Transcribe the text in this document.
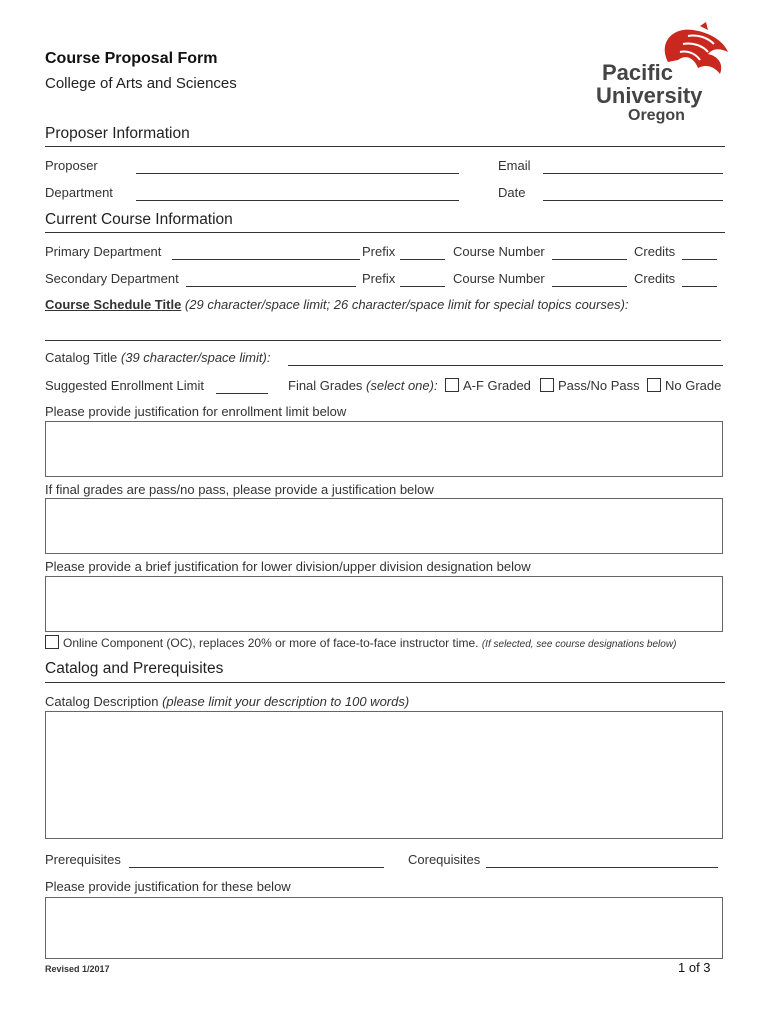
Course Proposal Form
College of Arts and Sciences	Pacific
University
Oregon
Proposer Information
Proposer	Email
Department	Date
Current Course Information
Primary Department	Prefix	Course Number	Credits
Secondary Department	Prefix	Course Number	Credits
Course Schedule Title (29 character/space limit; 26 character/space limit for special topics courses):
Catalog Title (39 character/space limit):
Suggested Enrollment Limit	Final Grades (select one):	A-F Graded	Pass/No Pass	No Grade
Please provide justification for enrollment limit below
If final grades are pass/no pass, please provide a justification below
Please provide a brief justification for lower division/upper division designation below
Online Component (OC), replaces 20% or more of face-to-face instructor time. (If selected, see course designations below)
Catalog and Prerequisites
Catalog Description (please limit your description to 100 words)
Prerequisites	Corequisites
Please provide justification for these below
Revised 1/2017	1 of 3
